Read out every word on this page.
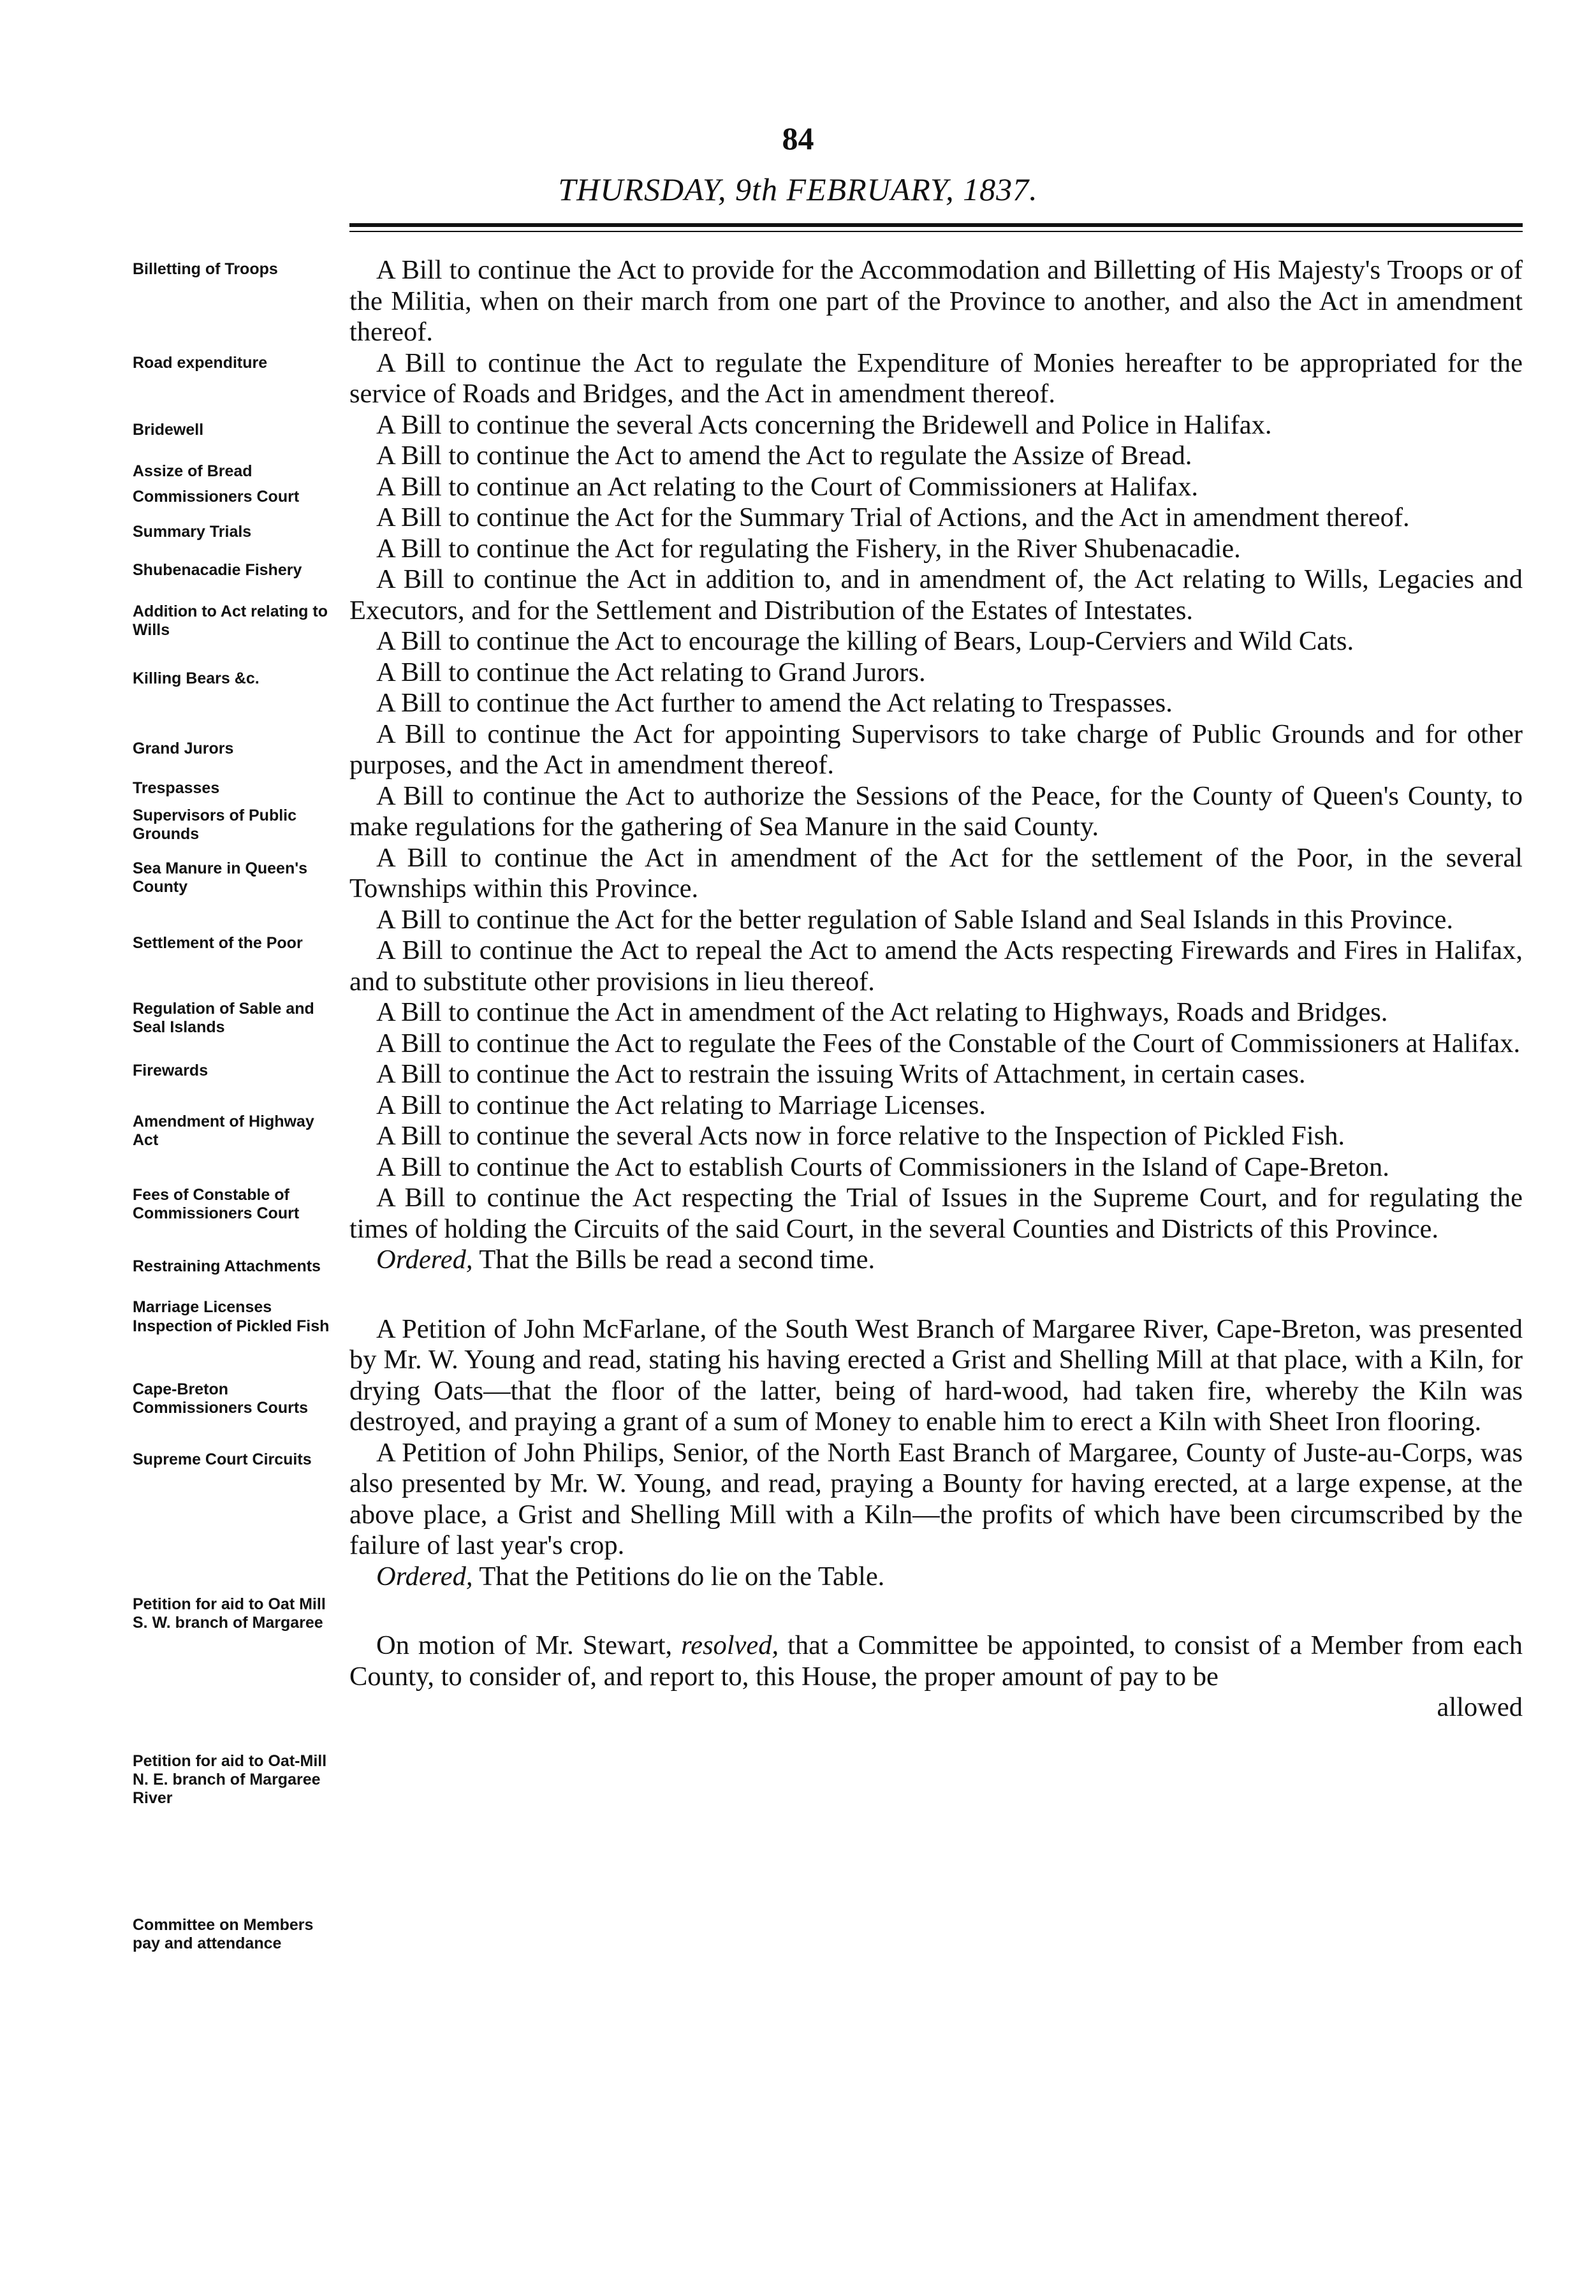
84
THURSDAY, 9th FEBRUARY, 1837.
Billetting of Troops
Road expenditure
Bridewell
Assize of Bread
Commissioners Court
Summary Trials
Shubenacadie Fishery
Addition to Act relating to Wills
Killing Bears &c.
Grand Jurors
Trespasses
Supervisors of Public Grounds
Sea Manure in Queen's County
Settlement of the Poor
Regulation of Sable and Seal Islands
Firewards
Amendment of Highway Act
Fees of Constable of Commissioners Court
Restraining Attachments
Marriage Licenses
Inspection of Pickled Fish
Cape-Breton Commissioners Courts
Supreme Court Circuits
Petition for aid to Oat Mill S. W. branch of Margaree
Petition for aid to Oat-Mill N. E. branch of Margaree River
Committee on Members pay and attendance

A Bill to continue the Act to provide for the Accommodation and Billetting of His Majesty's Troops or of the Militia, when on their march from one part of the Province to another, and also the Act in amendment thereof.

A Bill to continue the Act to regulate the Expenditure of Monies hereafter to be appropriated for the service of Roads and Bridges, and the Act in amendment thereof.

A Bill to continue the several Acts concerning the Bridewell and Police in Halifax.

A Bill to continue the Act to amend the Act to regulate the Assize of Bread.

A Bill to continue an Act relating to the Court of Commissioners at Halifax.

A Bill to continue the Act for the Summary Trial of Actions, and the Act in amendment thereof.

A Bill to continue the Act for regulating the Fishery, in the River Shubenacadie.

A Bill to continue the Act in addition to, and in amendment of, the Act relating to Wills, Legacies and Executors, and for the Settlement and Distribution of the Estates of Intestates.

A Bill to continue the Act to encourage the killing of Bears, Loup-Cerviers and Wild Cats.

A Bill to continue the Act relating to Grand Jurors.

A Bill to continue the Act further to amend the Act relating to Trespasses.

A Bill to continue the Act for appointing Supervisors to take charge of Public Grounds and for other purposes, and the Act in amendment thereof.

A Bill to continue the Act to authorize the Sessions of the Peace, for the County of Queen's County, to make regulations for the gathering of Sea Manure in the said County.

A Bill to continue the Act in amendment of the Act for the settlement of the Poor, in the several Townships within this Province.

A Bill to continue the Act for the better regulation of Sable Island and Seal Islands in this Province.

A Bill to continue the Act to repeal the Act to amend the Acts respecting Firewards and Fires in Halifax, and to substitute other provisions in lieu thereof.

A Bill to continue the Act in amendment of the Act relating to Highways, Roads and Bridges.

A Bill to continue the Act to regulate the Fees of the Constable of the Court of Commissioners at Halifax.

A Bill to continue the Act to restrain the issuing Writs of Attachment, in certain cases.

A Bill to continue the Act relating to Marriage Licenses.

A Bill to continue the several Acts now in force relative to the Inspection of Pickled Fish.

A Bill to continue the Act to establish Courts of Commissioners in the Island of Cape-Breton.

A Bill to continue the Act respecting the Trial of Issues in the Supreme Court, and for regulating the times of holding the Circuits of the said Court, in the several Counties and Districts of this Province.

Ordered, That the Bills be read a second time.

A Petition of John McFarlane, of the South West Branch of Margaree River, Cape-Breton, was presented by Mr. W. Young and read, stating his having erected a Grist and Shelling Mill at that place, with a Kiln, for drying Oats—that the floor of the latter, being of hard-wood, had taken fire, whereby the Kiln was destroyed, and praying a grant of a sum of Money to enable him to erect a Kiln with Sheet Iron flooring.

A Petition of John Philips, Senior, of the North East Branch of Margaree, County of Juste-au-Corps, was also presented by Mr. W. Young, and read, praying a Bounty for having erected, at a large expense, at the above place, a Grist and Shelling Mill with a Kiln—the profits of which have been circumscribed by the failure of last year's crop.

Ordered, That the Petitions do lie on the Table.

On motion of Mr. Stewart, resolved, that a Committee be appointed, to consist of a Member from each County, to consider of, and report to, this House, the proper amount of pay to be

allowed
